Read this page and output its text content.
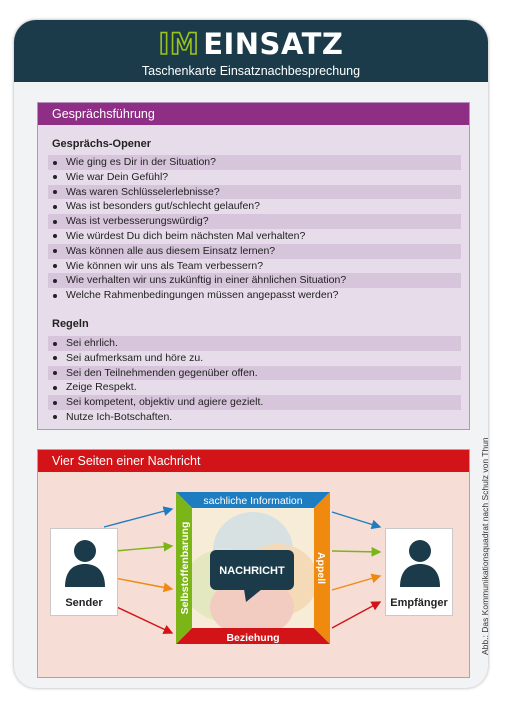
IM EINSATZ
Taschenkarte Einsatznachbesprechung
Gesprächsführung
Gesprächs-Opener
Wie ging es Dir in der Situation?
Wie war Dein Gefühl?
Was waren Schlüsselerlebnisse?
Was ist besonders gut/schlecht gelaufen?
Was ist verbesserungswürdig?
Wie würdest Du dich beim nächsten Mal verhalten?
Was können alle aus diesem Einsatz lernen?
Wie können wir uns als Team verbessern?
Wie verhalten wir uns zukünftig in einer ähnlichen Situation?
Welche Rahmenbedingungen müssen angepasst werden?
Regeln
Sei ehrlich.
Sei aufmerksam und höre zu.
Sei den Teilnehmenden gegenüber offen.
Zeige Respekt.
Sei kompetent, objektiv und agiere gezielt.
Nutze Ich-Botschaften.
Vier Seiten einer Nachricht
sachliche Information
Beziehung
Selbstoffenbarung	Appell
NACHRICHT
Sender	Empfänger	Abb.: Das Kommunikationsquadrat nach Schulz von Thun
